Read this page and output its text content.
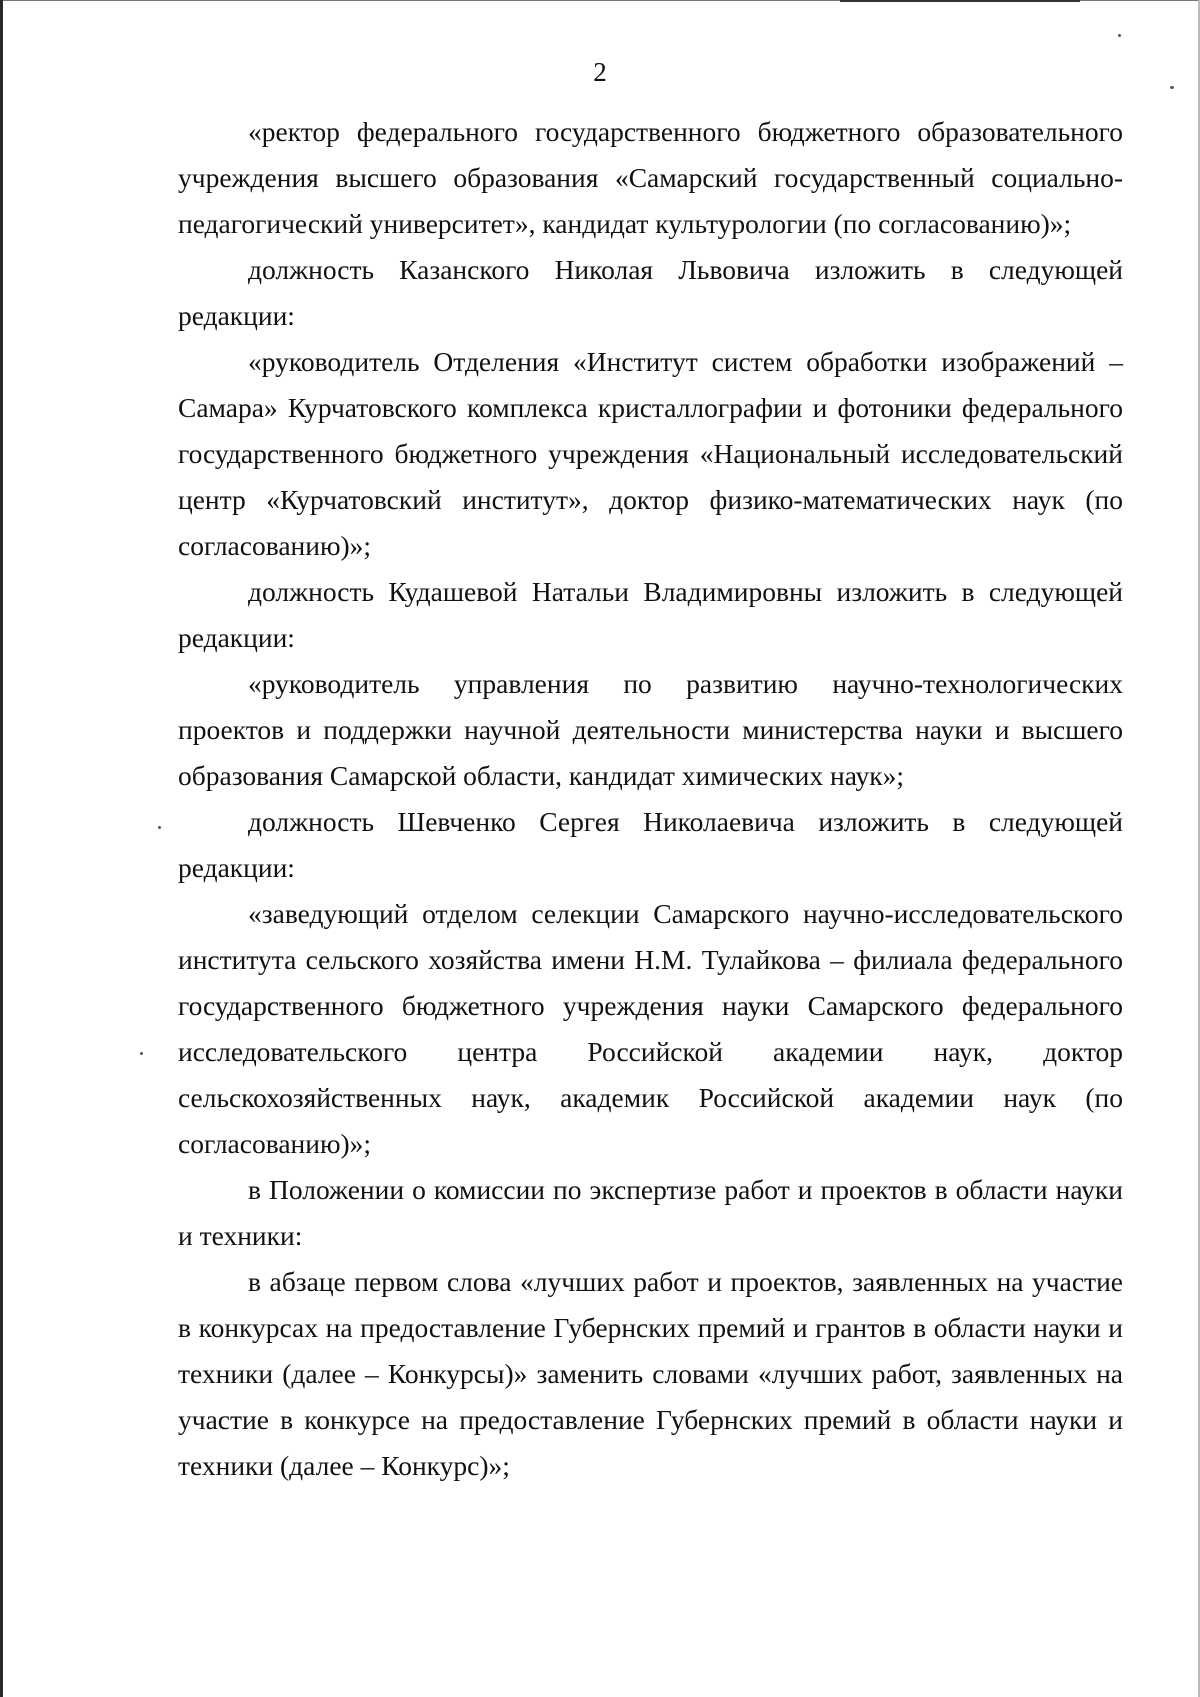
2

«ректор федерального государственного бюджетного образовательного учреждения высшего образования «Самарский государственный социально-педагогический университет», кандидат культурологии (по согласованию)»;

должность Казанского Николая Львовича изложить в следующей редакции:

«руководитель Отделения «Институт систем обработки изображений – Самара» Курчатовского комплекса кристаллографии и фотоники федерального государственного бюджетного учреждения «Национальный исследовательский центр «Курчатовский институт», доктор физико-математических наук (по согласованию)»;

должность Кудашевой Натальи Владимировны изложить в следующей редакции:

«руководитель управления по развитию научно-технологических проектов и поддержки научной деятельности министерства науки и высшего образования Самарской области, кандидат химических наук»;

должность Шевченко Сергея Николаевича изложить в следующей редакции:

«заведующий отделом селекции Самарского научно-исследовательского института сельского хозяйства имени Н.М. Тулайкова – филиала федерального государственного бюджетного учреждения науки Самарского федерального исследовательского центра Российской академии наук, доктор сельскохозяйственных наук, академик Российской академии наук (по согласованию)»;

в Положении о комиссии по экспертизе работ и проектов в области науки и техники:

в абзаце первом слова «лучших работ и проектов, заявленных на участие в конкурсах на предоставление Губернских премий и грантов в области науки и техники (далее – Конкурсы)» заменить словами «лучших работ, заявленных на участие в конкурсе на предоставление Губернских премий в области науки и техники (далее – Конкурс)»;
